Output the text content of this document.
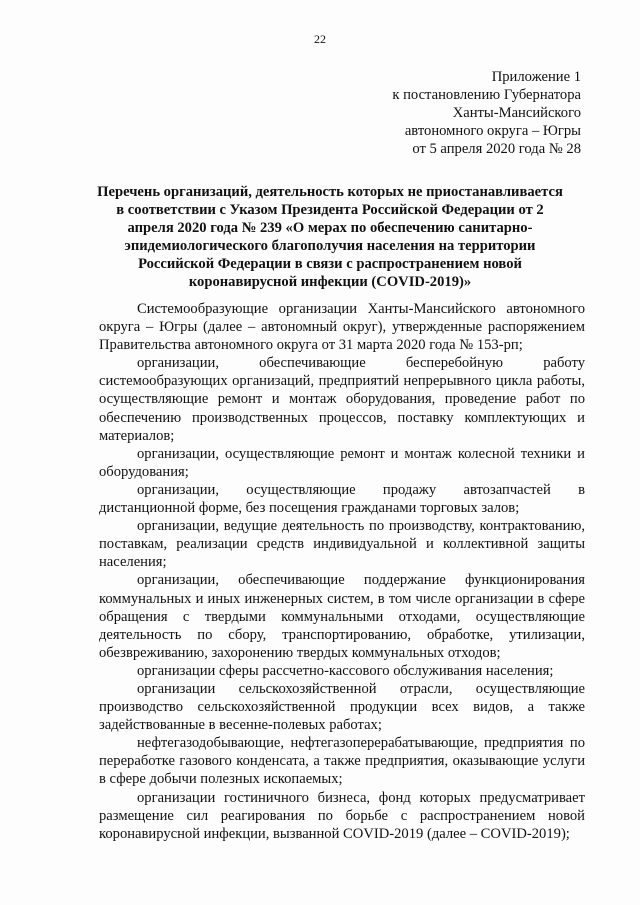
22
Приложение 1
к постановлению Губернатора
Ханты-Мансийского
автономного округа – Югры
от 5 апреля 2020 года № 28
Перечень организаций, деятельность которых не приостанавливается в соответствии с Указом Президента Российской Федерации от 2 апреля 2020 года № 239 «О мерах по обеспечению санитарно-эпидемиологического благополучия населения на территории Российской Федерации в связи с распространением новой коронавирусной инфекции (COVID-2019)»

Системообразующие организации Ханты-Мансийского автономного округа – Югры (далее – автономный округ), утвержденные распоряжением Правительства автономного округа от 31 марта 2020 года № 153-рп;

организации, обеспечивающие бесперебойную работу системообразующих организаций, предприятий непрерывного цикла работы, осуществляющие ремонт и монтаж оборудования, проведение работ по обеспечению производственных процессов, поставку комплектующих и материалов;

организации, осуществляющие ремонт и монтаж колесной техники и оборудования;

организации, осуществляющие продажу автозапчастей в дистанционной форме, без посещения гражданами торговых залов;

организации, ведущие деятельность по производству, контрактованию, поставкам, реализации средств индивидуальной и коллективной защиты населения;

организации, обеспечивающие поддержание функционирования коммунальных и иных инженерных систем, в том числе организации в сфере обращения с твердыми коммунальными отходами, осуществляющие деятельность по сбору, транспортированию, обработке, утилизации, обезвреживанию, захоронению твердых коммунальных отходов;

организации сферы рассчетно-кассового обслуживания населения;

организации сельскохозяйственной отрасли, осуществляющие производство сельскохозяйственной продукции всех видов, а также задействованные в весенне-полевых работах;

нефтегазодобывающие, нефтегазоперерабатывающие, предприятия по переработке газового конденсата, а также предприятия, оказывающие услуги в сфере добычи полезных ископаемых;

организации гостиничного бизнеса, фонд которых предусматривает размещение сил реагирования по борьбе с распространением новой коронавирусной инфекции, вызванной COVID-2019 (далее – COVID-2019);
